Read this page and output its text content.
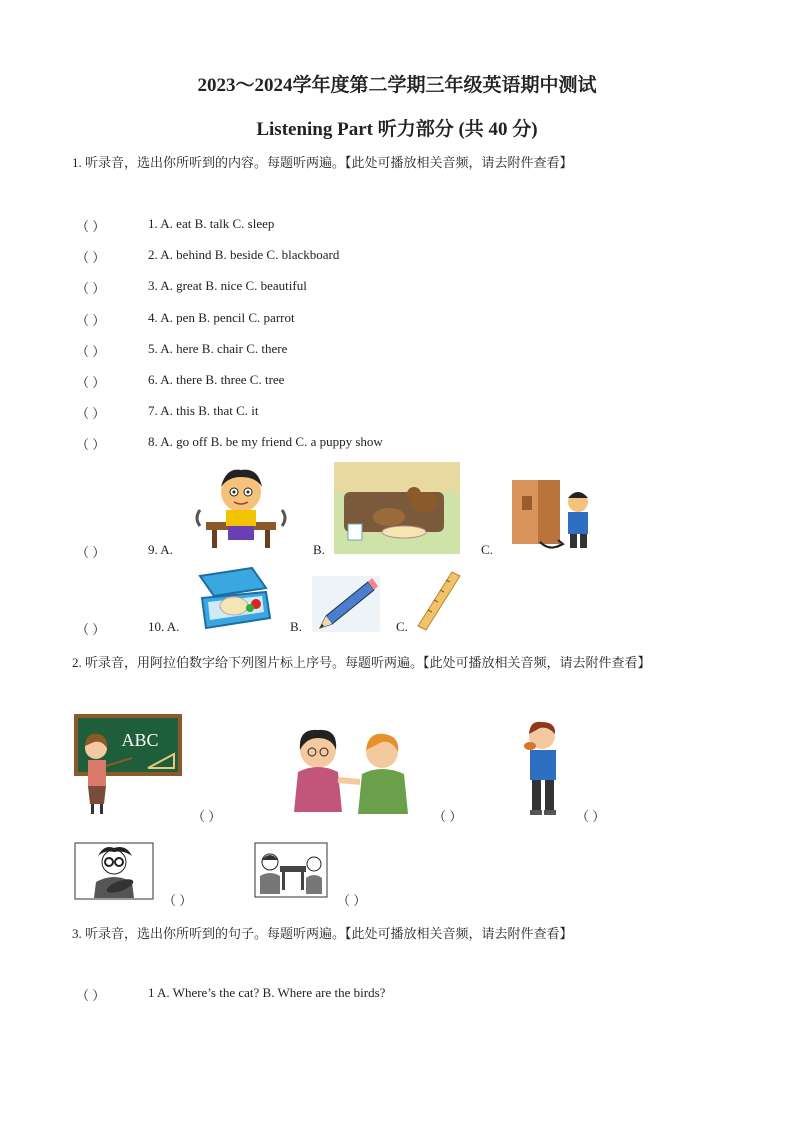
2023～2024学年度第二学期三年级英语期中测试
Listening Part 听力部分 (共 40 分)
1. 听录音，选出你所听到的内容。每题听两遍。【此处可播放相关音频，请去附件查看】
（ ）	1. A. eat B. talk C. sleep
（ ）	2. A. behind B. beside C. blackboard
（ ）	3. A. great B. nice C. beautiful
（ ）	4. A. pen B. pencil C. parrot
（ ）	5. A. here B. chair C. there
（ ）	6. A. there B. three C. tree
（ ）	7. A. this B. that C. it
（ ）	8. A. go off B. be my friend C. a puppy show
（ ）	9. A.	B.	C.
（ ）	10. A.	B.	C.
2. 听录音，用阿拉伯数字给下列图片标上序号。每题听两遍。【此处可播放相关音频，请去附件查看】
ABC
（ ）	（ ）	（ ）
（ ）	（ ）
3. 听录音，选出你所听到的句子。每题听两遍。【此处可播放相关音频，请去附件查看】
（ ）	1 A. Where’s the cat? B. Where are the birds?
